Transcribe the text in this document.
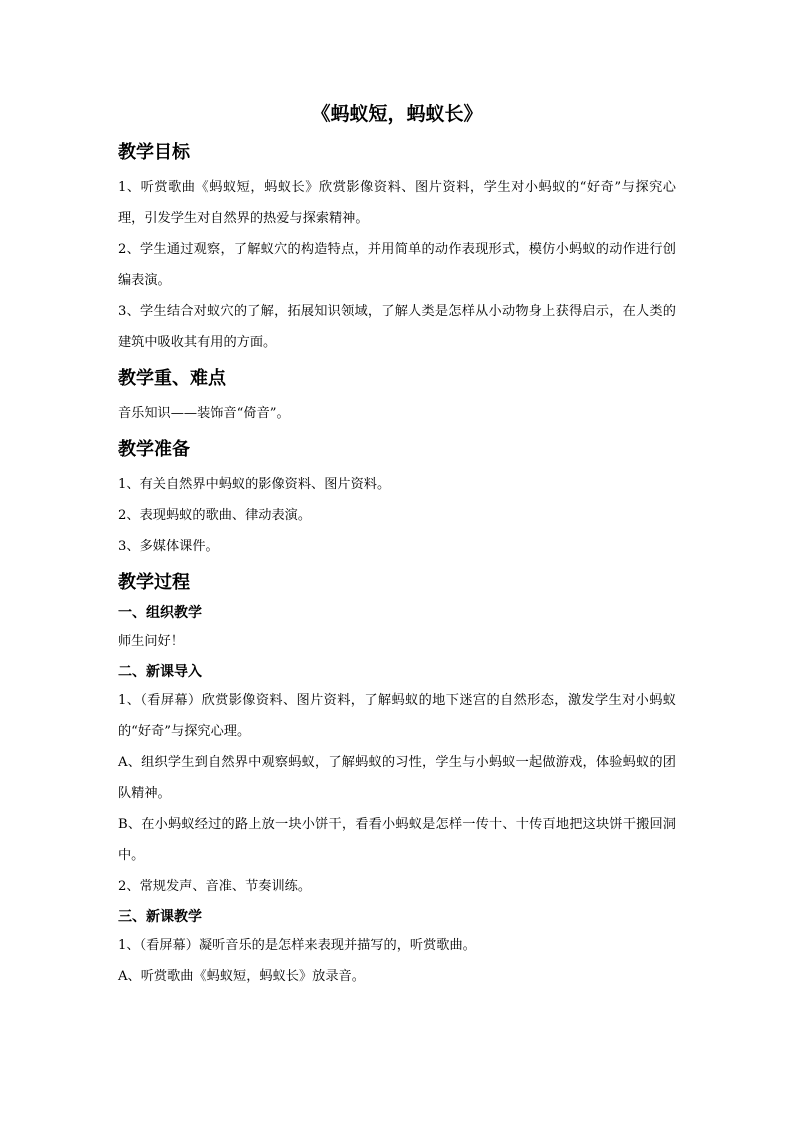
《蚂蚁短，蚂蚁长》
教学目标

1、听赏歌曲《蚂蚁短，蚂蚁长》欣赏影像资料、图片资料，学生对小蚂蚁的“好奇”与探究心理，引发学生对自然界的热爱与探索精神。

2、学生通过观察，了解蚁穴的构造特点，并用简单的动作表现形式，模仿小蚂蚁的动作进行创编表演。

3、学生结合对蚁穴的了解，拓展知识领域，了解人类是怎样从小动物身上获得启示，在人类的建筑中吸收其有用的方面。

教学重、难点

音乐知识——装饰音“倚音”。

教学准备

1、有关自然界中蚂蚁的影像资料、图片资料。

2、表现蚂蚁的歌曲、律动表演。

3、多媒体课件。

教学过程
一、组织教学

师生问好！

二、新课导入

1、（看屏幕）欣赏影像资料、图片资料，了解蚂蚁的地下迷宫的自然形态，激发学生对小蚂蚁的“好奇”与探究心理。

A、组织学生到自然界中观察蚂蚁，了解蚂蚁的习性，学生与小蚂蚁一起做游戏，体验蚂蚁的团队精神。

B、在小蚂蚁经过的路上放一块小饼干，看看小蚂蚁是怎样一传十、十传百地把这块饼干搬回洞中。

2、常规发声、音准、节奏训练。

三、新课教学

1、（看屏幕）凝听音乐的是怎样来表现并描写的，听赏歌曲。

A、听赏歌曲《蚂蚁短，蚂蚁长》放录音。
